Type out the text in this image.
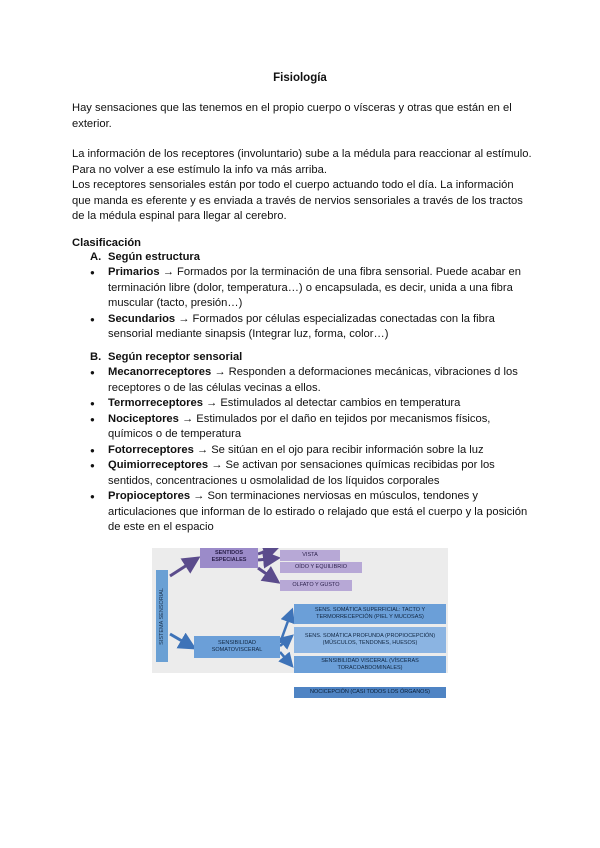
Fisiología
Hay sensaciones que las tenemos en el propio cuerpo o vísceras y otras que están en el exterior.
La información de los receptores (involuntario) sube a la médula para reaccionar al estímulo. Para no volver a ese estímulo la info va más arriba.
Los receptores sensoriales están por todo el cuerpo actuando todo el día. La información que manda es eferente y es enviada a través de nervios sensoriales a través de los tractos de la médula espinal para llegar al cerebro.
Clasificación
A. Según estructura
● Primarios → Formados por la terminación de una fibra sensorial. Puede acabar en terminación libre (dolor, temperatura…) o encapsulada, es decir, unida a una fibra muscular (tacto, presión…)
● Secundarios → Formados por células especializadas conectadas con la fibra sensorial mediante sinapsis (Integrar luz, forma, color…)
B. Según receptor sensorial
● Mecanorreceptores → Responden a deformaciones mecánicas, vibraciones d los receptores o de las células vecinas a ellos.
● Termorreceptores → Estimulados al detectar cambios en temperatura
● Nociceptores → Estimulados por el daño en tejidos por mecanismos físicos, químicos o de temperatura
● Fotorreceptores → Se sitúan en el ojo para recibir información sobre la luz
● Quimiorreceptores → Se activan por sensaciones químicas recibidas por los sentidos, concentraciones u osmolalidad de los líquidos corporales
● Propioceptores → Son terminaciones nerviosas en músculos, tendones y articulaciones que informan de lo estirado o relajado que está el cuerpo y la posición de este en el espacio
SISTEMA SENSORIAL
SENTIDOS ESPECIALES
VISTA
OÍDO Y EQUILIBRIO
OLFATO Y GUSTO
SENSIBILIDAD SOMATOVISCERAL
SENS. SOMÁTICA SUPERFICIAL: TACTO Y TERMORRECEPCIÓN (PIEL Y MUCOSAS)
SENS. SOMÁTICA PROFUNDA (PROPIOCEPCIÓN) (MÚSCULOS, TENDONES, HUESOS)
SENSIBILIDAD VISCERAL (VÍSCERAS TORACOABDOMINALES)
NOCICEPCIÓN (CASI TODOS LOS ÓRGANOS)
